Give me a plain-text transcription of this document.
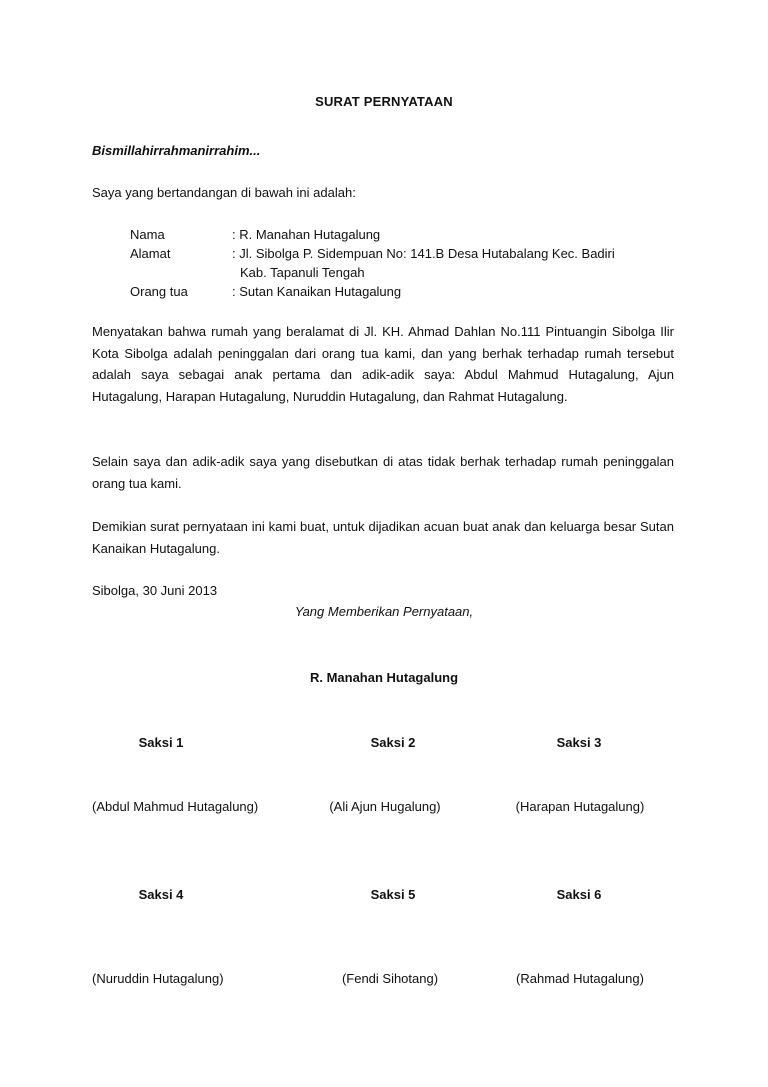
SURAT PERNYATAAN
Bismillahirrahmanirrahim...
Saya yang bertandangan di bawah ini adalah:
Nama	: R. Manahan Hutagalung
Alamat	: Jl. Sibolga P. Sidempuan No: 141.B Desa Hutabalang Kec. Badiri
Kab. Tapanuli Tengah
Orang tua	: Sutan Kanaikan Hutagalung
Menyatakan bahwa rumah yang beralamat di Jl. KH. Ahmad Dahlan No.111 Pintuangin Sibolga Ilir Kota Sibolga adalah peninggalan dari orang tua kami, dan yang berhak terhadap rumah tersebut adalah saya sebagai anak pertama dan adik-adik saya: Abdul Mahmud Hutagalung, Ajun Hutagalung, Harapan Hutagalung, Nuruddin Hutagalung, dan Rahmat Hutagalung.
Selain saya dan adik-adik saya yang disebutkan di atas tidak berhak terhadap rumah peninggalan orang tua kami.
Demikian surat pernyataan ini kami buat, untuk dijadikan acuan buat anak dan keluarga besar Sutan Kanaikan Hutagalung.
Sibolga, 30 Juni 2013
Yang Memberikan Pernyataan,
R. Manahan Hutagalung
Saksi 1	Saksi 2	Saksi 3
(Abdul Mahmud Hutagalung)	(Ali Ajun Hugalung)	(Harapan Hutagalung)
Saksi 4	Saksi 5	Saksi 6
(Nuruddin Hutagalung)	(Fendi Sihotang)	(Rahmad Hutagalung)
